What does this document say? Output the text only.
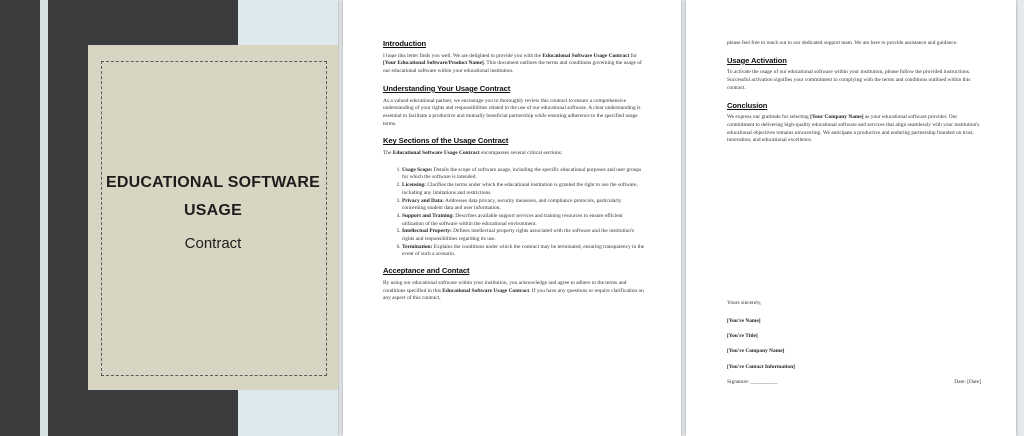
EDUCATIONAL SOFTWARE
USAGE
Contract
Introduction

I hope this letter finds you well. We are delighted to provide you with the Educational Software Usage Contract for [Your Educational Software/Product Name]. This document outlines the terms and conditions governing the usage of our educational software within your educational institution.

Understanding Your Usage Contract

As a valued educational partner, we encourage you to thoroughly review this contract to ensure a comprehensive understanding of your rights and responsibilities related to the use of our educational software. A clear understanding is essential to facilitate a productive and mutually beneficial partnership while ensuring adherence to the specified usage terms.

Key Sections of the Usage Contract

The Educational Software Usage Contract encompasses several critical sections:

1. Usage Scope: Details the scope of software usage, including the specific educational purposes and user groups for which the software is intended.
2. Licensing: Clarifies the terms under which the educational institution is granted the right to use the software, including any limitations and restrictions.
3. Privacy and Data: Addresses data privacy, security measures, and compliance protocols, particularly concerning student data and user information.
4. Support and Training: Describes available support services and training resources to ensure efficient utilization of the software within the educational environment.
5. Intellectual Property: Defines intellectual property rights associated with the software and the institution's rights and responsibilities regarding its use.
6. Termination: Explains the conditions under which the contract may be terminated, ensuring transparency in the event of such a scenario.
Acceptance and Contact

By using our educational software within your institution, you acknowledge and agree to adhere to the terms and conditions specified in this Educational Software Usage Contract. If you have any questions or require clarification on any aspect of this contract,

please feel free to reach out to our dedicated support team. We are here to provide assistance and guidance.

Usage Activation

To activate the usage of our educational software within your institution, please follow the provided instructions. Successful activation signifies your commitment to complying with the terms and conditions outlined within this contract.

Conclusion

We express our gratitude for selecting [Your Company Name] as your educational software provider. Our commitment to delivering high-quality educational software and services that align seamlessly with your institution's educational objectives remains unwavering. We anticipate a productive and enduring partnership founded on trust, innovation, and educational excellence.

Yours sincerely,
[You're Name]
[You're Title]
[You're Company Name]
[You're Contact Information]
Signature: __________	Date: [Date]
